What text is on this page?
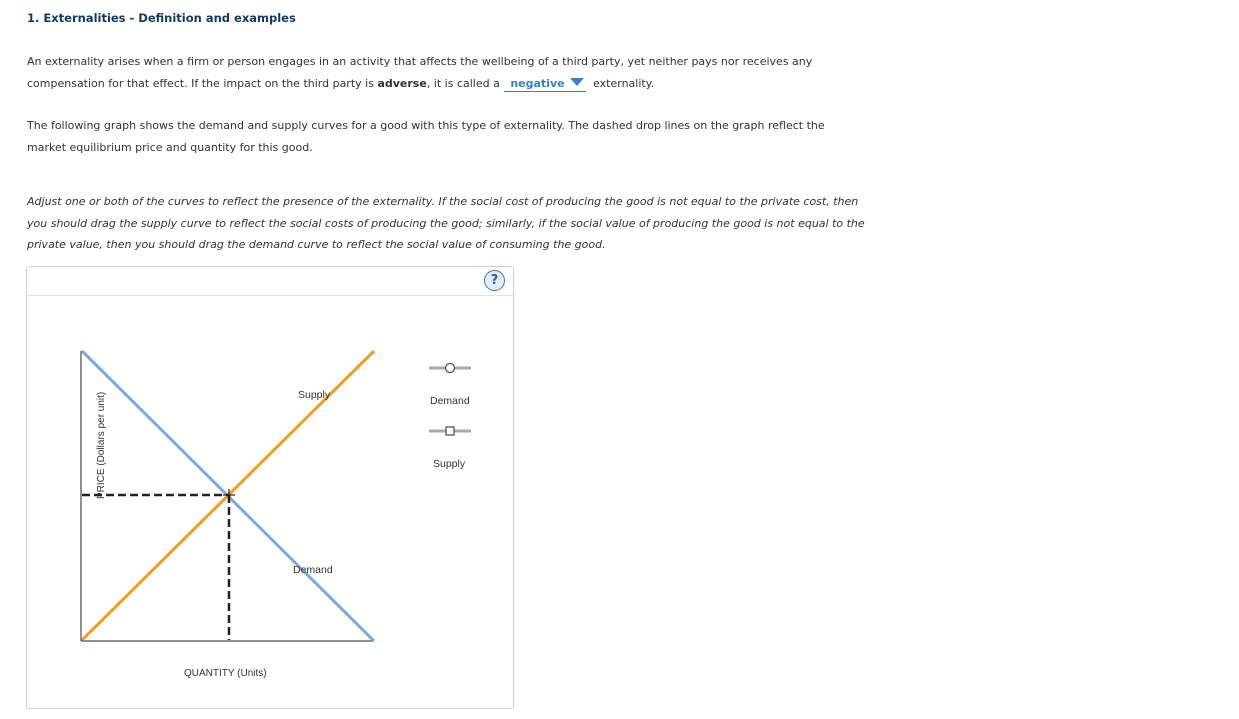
1. Externalities - Definition and examples
An externality arises when a firm or person engages in an activity that affects the wellbeing of a third party, yet neither pays nor receives any compensation for that effect. If the impact on the third party is adverse, it is called a negative	externality.
The following graph shows the demand and supply curves for a good with this type of externality. The dashed drop lines on the graph reflect the market equilibrium price and quantity for this good.
Adjust one or both of the curves to reflect the presence of the externality. If the social cost of producing the good is not equal to the private cost, then you should drag the supply curve to reflect the social costs of producing the good; similarly, if the social value of producing the good is not equal to the private value, then you should drag the demand curve to reflect the social value of consuming the good.
?
Supply
Demand
QUANTITY (Units)
PRICE (Dollars per unit)	Demand
Supply
